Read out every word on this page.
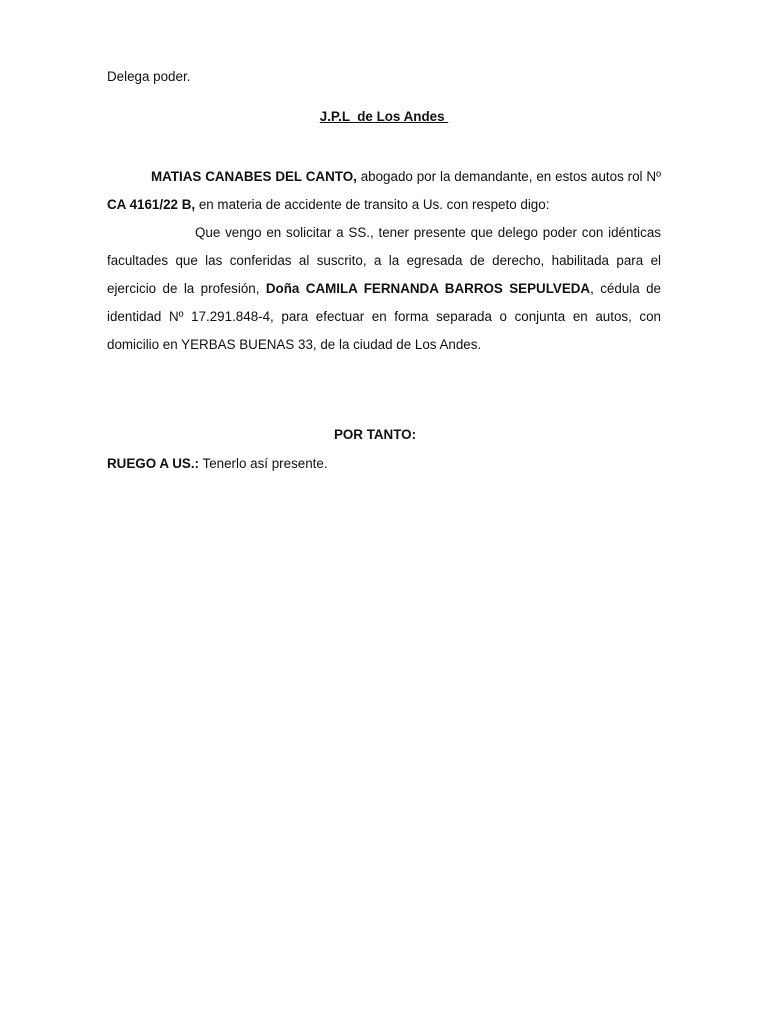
Delega poder.

J.P.L  de Los Andes

MATIAS CANABES DEL CANTO, abogado por la demandante, en estos autos rol Nº CA 4161/22 B, en materia de accidente de transito a Us. con respeto digo:

Que vengo en solicitar a SS., tener presente que delego poder con idénticas facultades que las conferidas al suscrito, a la egresada de derecho, habilitada para el ejercicio de la profesión, Doña CAMILA FERNANDA BARROS SEPULVEDA, cédula de identidad Nº 17.291.848-4, para efectuar en forma separada o conjunta en autos, con domicilio en YERBAS BUENAS 33, de la ciudad de Los Andes.

POR TANTO:

RUEGO A US.: Tenerlo así presente.
